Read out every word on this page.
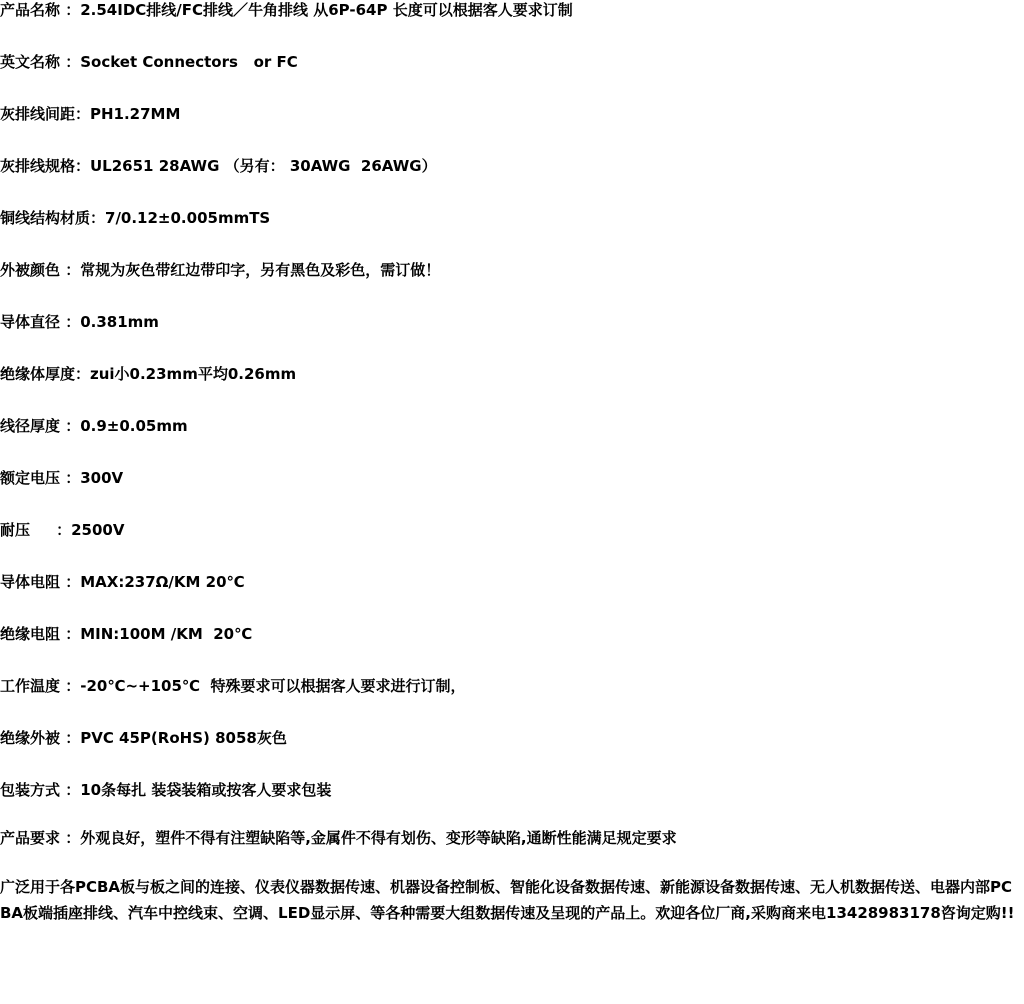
产品名称 ：2.54IDC排线/FC排线／牛角排线 从6P-64P 长度可以根据客人要求订制

英文名称 ：Socket Connectors   or FC

灰排线间距：PH1.27MM

灰排线规格：UL2651 28AWG （另有： 30AWG  26AWG）

铜线结构材质：7/0.12±0.005mmTS

外被颜色 ：常规为灰色带红边带印字，另有黑色及彩色，需订做！

导体直径 ：0.381mm

绝缘体厚度：zui小0.23mm平均0.26mm

线径厚度 ：0.9±0.05mm

额定电压 ：300V

耐压     ：2500V

导体电阻 ：MAX:237Ω/KM 20℃

绝缘电阻 ：MIN:100M /KM  20℃

工作温度 ：-20℃~+105℃  特殊要求可以根据客人要求进行订制，

绝缘外被 ：PVC 45P(RoHS) 8058灰色

包装方式 ：10条每扎 装袋装箱或按客人要求包装

产品要求 ：外观良好，塑件不得有注塑缺陷等,金属件不得有划伤、变形等缺陷,通断性能满足规定要求

广泛用于各PCBA板与板之间的连接、仪表仪器数据传速、机器设备控制板、智能化设备数据传速、新能源设备数据传速、无人机数据传送、电器内部PCBA板端插座排线、汽车中控线束、空调、LED显示屏、等各种需要大组数据传速及呈现的产品上。欢迎各位厂商,采购商来电13428983178咨询定购!!
